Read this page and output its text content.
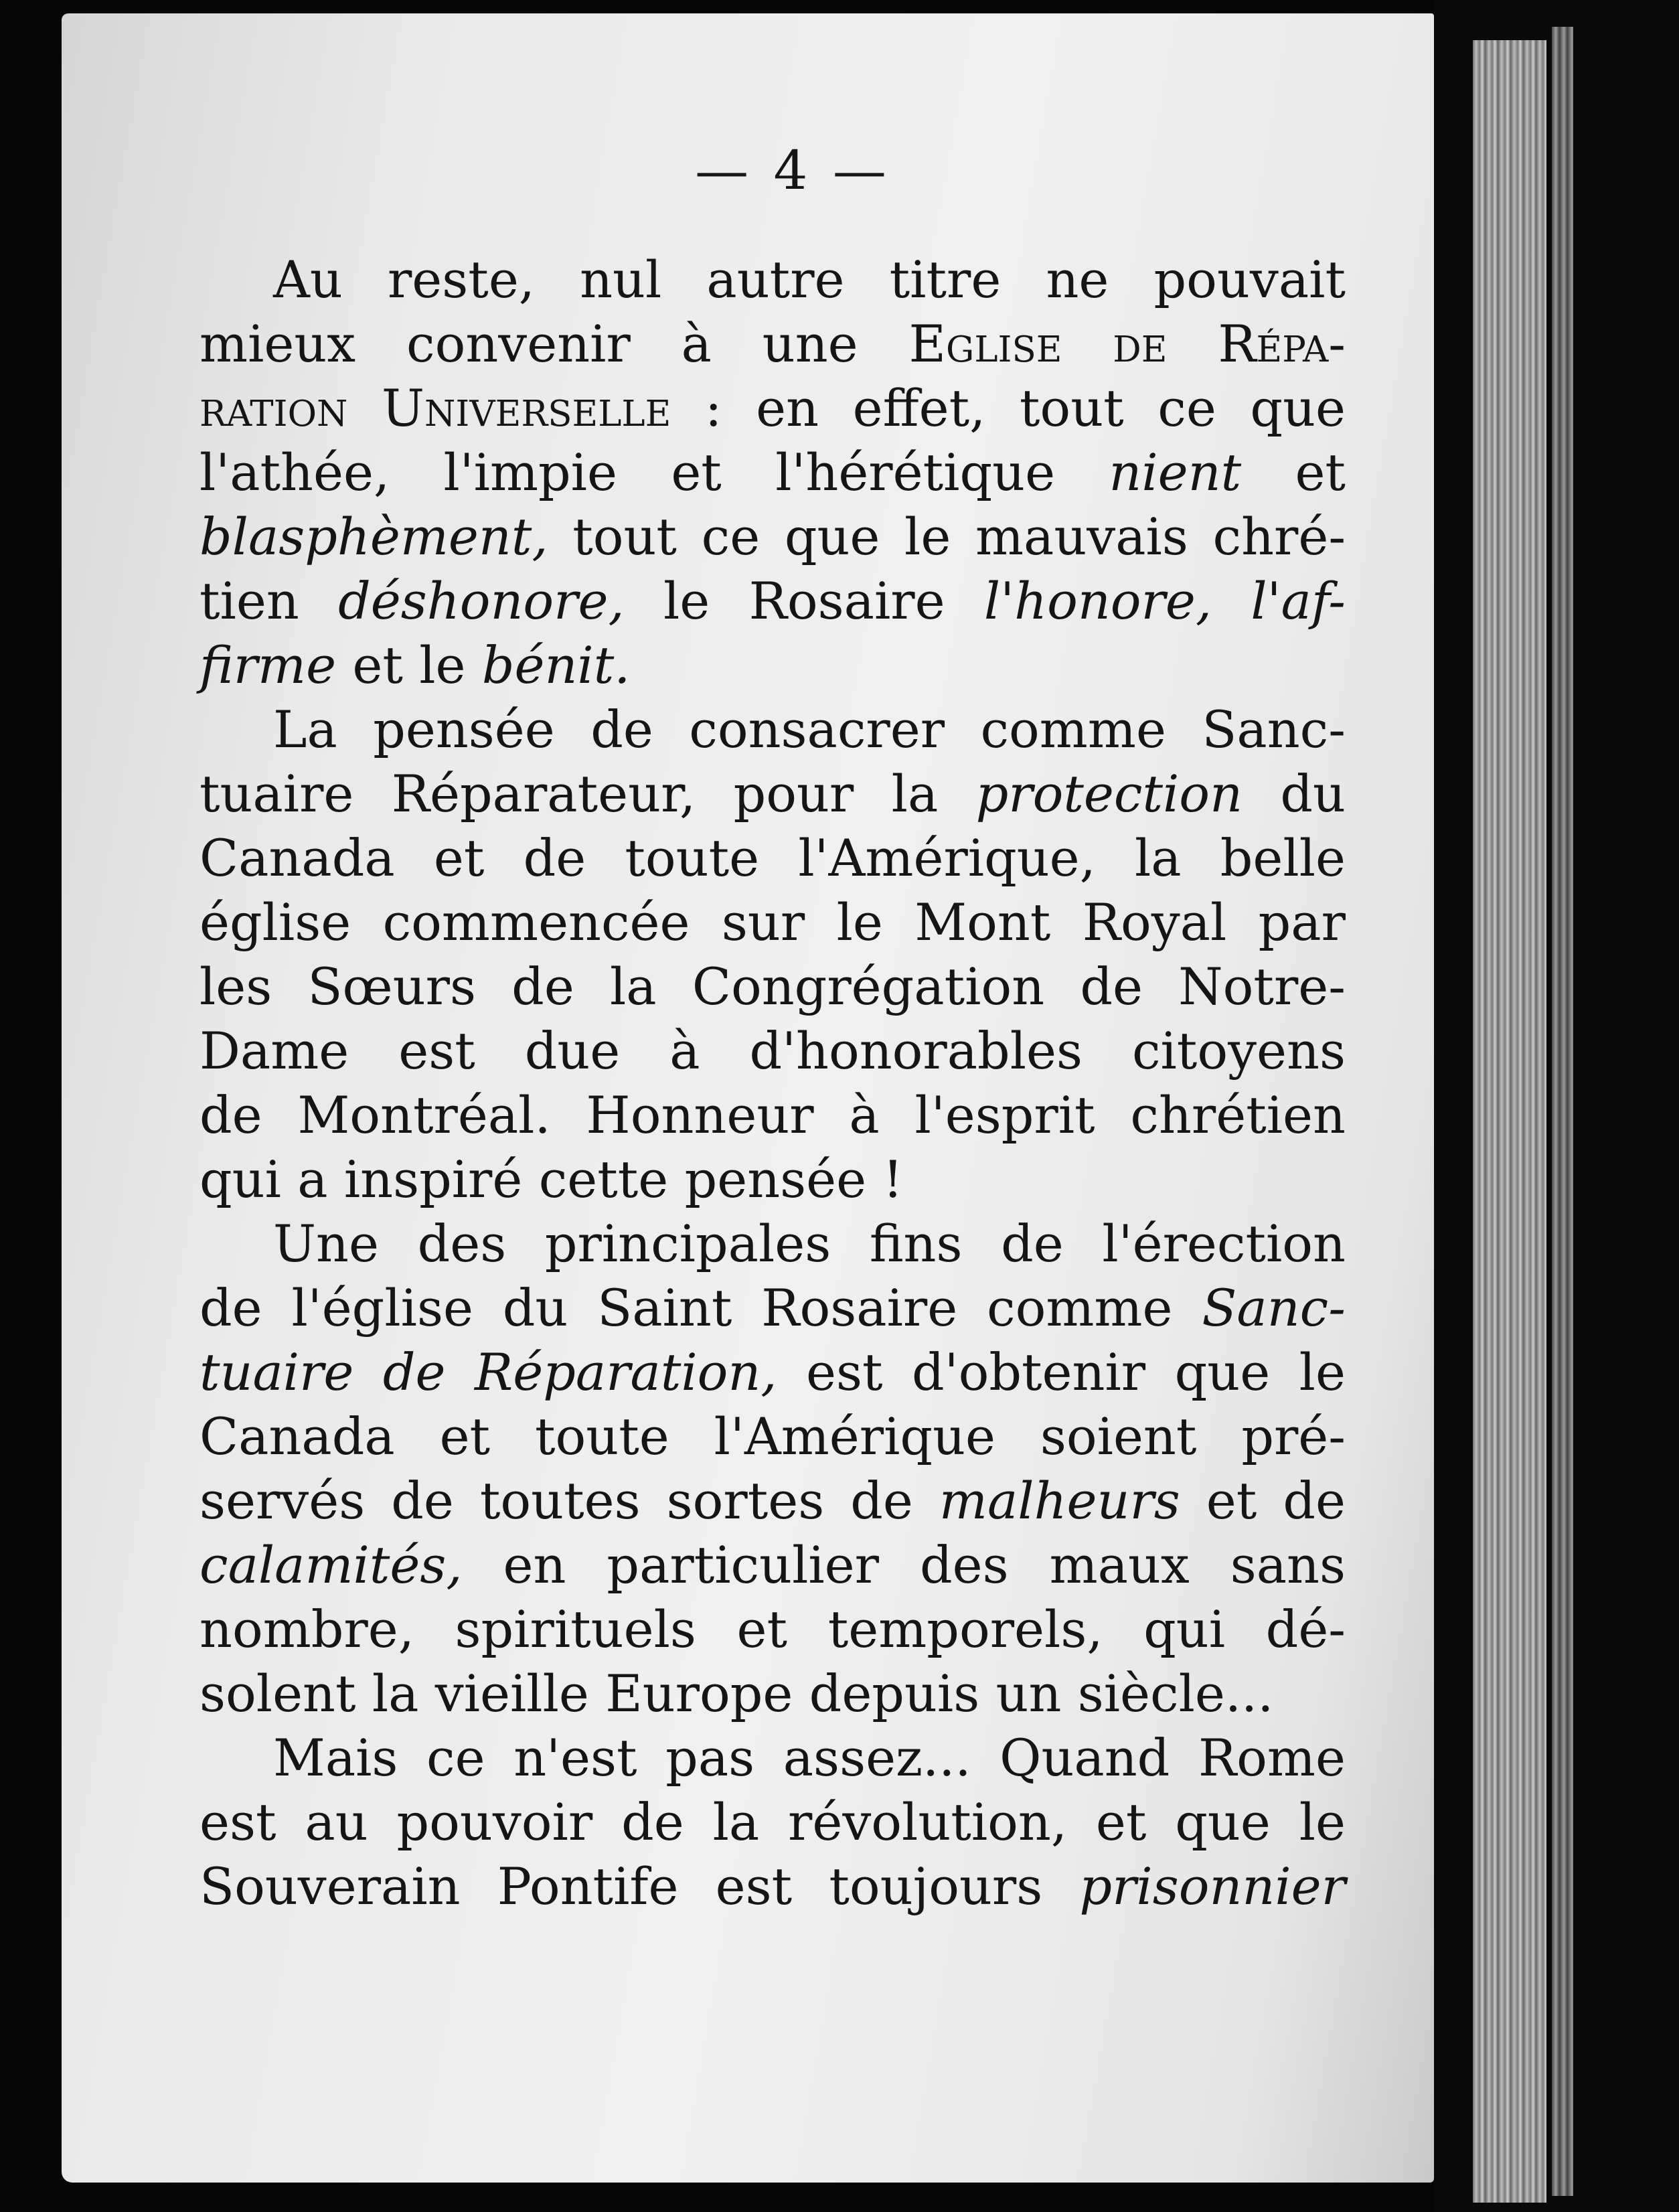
— 4 —
Au reste, nul autre titre ne pouvait
mieux convenir à une Eglise de Répa-
ration Universelle : en effet, tout ce que
l'athée, l'impie et l'hérétique nient et
blasphèment, tout ce que le mauvais chré-
tien déshonore, le Rosaire l'honore, l'af-
firme et le bénit.
La pensée de consacrer comme Sanc-
tuaire Réparateur, pour la protection du
Canada et de toute l'Amérique, la belle
église commencée sur le Mont Royal par
les Sœurs de la Congrégation de Notre-
Dame est due à d'honorables citoyens
de Montréal. Honneur à l'esprit chrétien
qui a inspiré cette pensée !
Une des principales fins de l'érection
de l'église du Saint Rosaire comme Sanc-
tuaire de Réparation, est d'obtenir que le
Canada et toute l'Amérique soient pré-
servés de toutes sortes de malheurs et de
calamités, en particulier des maux sans
nombre, spirituels et temporels, qui dé-
solent la vieille Europe depuis un siècle...
Mais ce n'est pas assez... Quand Rome
est au pouvoir de la révolution, et que le
Souverain Pontife est toujours prisonnier
